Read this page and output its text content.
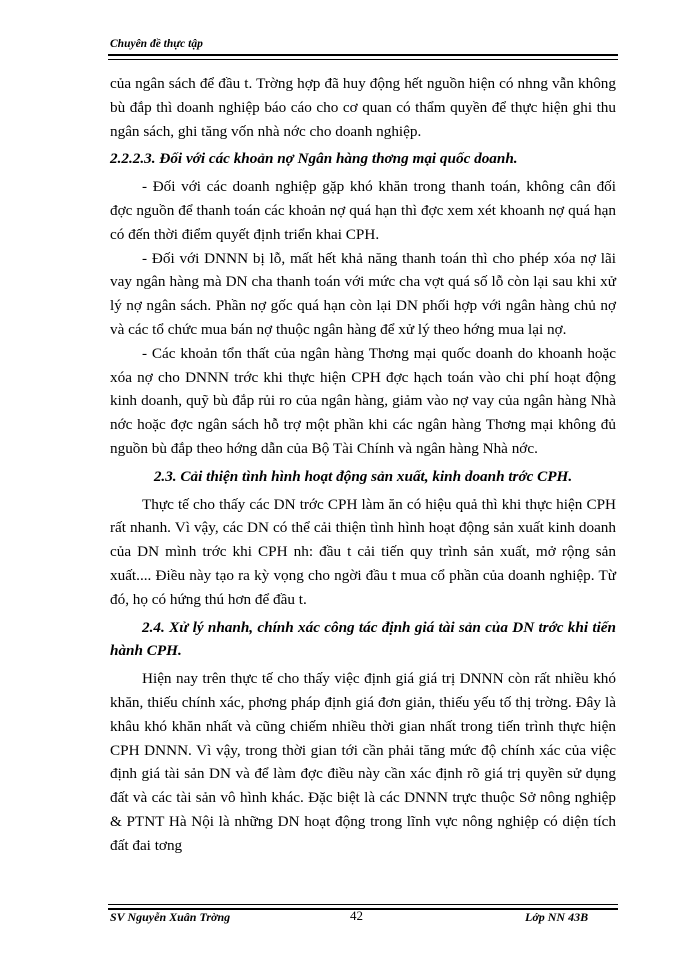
Chuyên đề thực tập

của ngân sách để đầu t. Trờng hợp đã huy động hết nguồn hiện có nhng vẫn không bù đắp thì doanh nghiệp báo cáo cho cơ quan có thẩm quyền để thực hiện ghi thu ngân sách, ghi tăng vốn nhà nớc cho doanh nghiệp.

2.2.2.3. Đối với các khoản nợ Ngân hàng thơng mại quốc doanh.

- Đối với các doanh nghiệp gặp khó khăn trong thanh toán, không cân đối đợc nguồn để thanh toán các khoản nợ quá hạn thì đợc xem xét khoanh nợ quá hạn có đến thời điểm quyết định triển khai CPH.

- Đối với DNNN bị lỗ, mất hết khả năng thanh toán thì cho phép xóa nợ lãi vay ngân hàng mà DN cha thanh toán với mức cha vợt quá số lỗ còn lại sau khi xử lý nợ ngân sách. Phần nợ gốc quá hạn còn lại DN phối hợp với ngân hàng chủ nợ và các tổ chức mua bán nợ thuộc ngân hàng để xử lý theo hớng mua lại nợ.

- Các khoản tổn thất của ngân hàng Thơng mại quốc doanh do khoanh hoặc xóa nợ cho DNNN trớc khi thực hiện CPH đợc hạch toán vào chi phí hoạt động kinh doanh, quỹ bù đắp rủi ro của ngân hàng, giảm vào nợ vay của ngân hàng Nhà nớc hoặc đợc ngân sách hỗ trợ một phần khi các ngân hàng Thơng mại không đủ nguồn bù đắp theo hớng dẫn của Bộ Tài Chính và ngân hàng Nhà nớc.

2.3. Cải thiện tình hình hoạt động sản xuất, kinh doanh trớc CPH.

Thực tế cho thấy các DN trớc CPH làm ăn có hiệu quả thì khi thực hiện CPH rất nhanh. Vì vậy, các DN có thể cải thiện tình hình hoạt động sản xuất kinh doanh của DN mình trớc khi CPH nh: đầu t cải tiến quy trình sản xuất, mở rộng sản xuất.... Điều này tạo ra kỳ vọng cho ngời đầu t mua cổ phần của doanh nghiệp. Từ đó, họ có hứng thú hơn để đầu t.

2.4. Xử lý nhanh, chính xác công tác định giá tài sản của DN trớc khi tiến hành CPH.

Hiện nay trên thực tế cho thấy việc định giá giá trị DNNN còn rất nhiều khó khăn, thiếu chính xác, phơng pháp định giá đơn giản, thiếu yếu tố thị trờng. Đây là khâu khó khăn nhất và cũng chiếm nhiều thời gian nhất trong tiến trình thực hiện CPH DNNN. Vì vậy, trong thời gian tới cần phải tăng mức độ chính xác của việc định giá tài sản DN và để làm đợc điều này cần xác định rõ giá trị quyền sử dụng đất và các tài sản vô hình khác. Đặc biệt là các DNNN trực thuộc Sở nông nghiệp & PTNT Hà Nội là những DN hoạt động trong lĩnh vực nông nghiệp có diện tích đất đai tơng

SV Nguyễn Xuân Trờng	42	Lớp NN 43B
